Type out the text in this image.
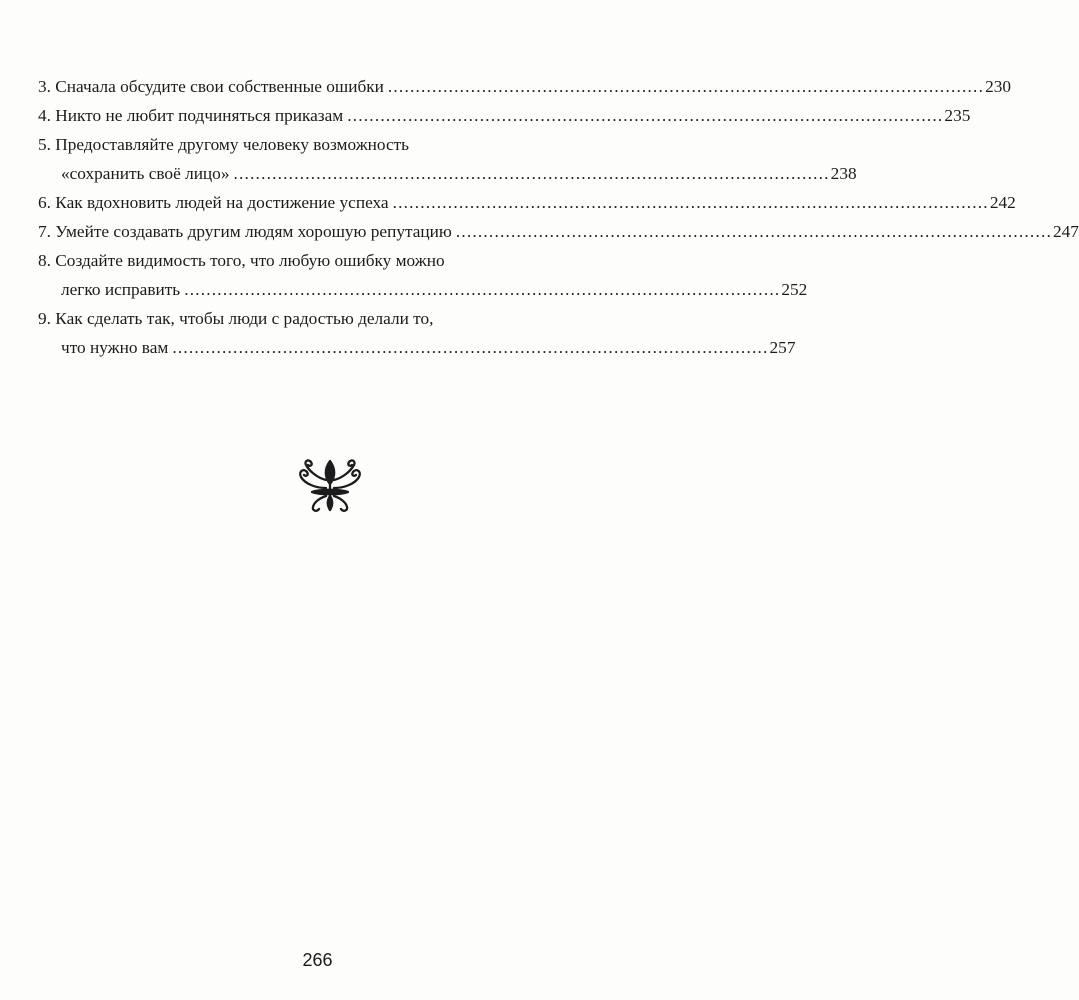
3. Сначала обсудите свои собственные ошибки ............................................................................................................ 230
4. Никто не любит подчиняться приказам ............................................................................................................ 235
5. Предоставляйте другому человеку возможность
«сохранить своё лицо» ............................................................................................................ 238
6. Как вдохновить людей на достижение успеха ............................................................................................................ 242
7. Умейте создавать другим людям хорошую репутацию ............................................................................................................ 247
8. Создайте видимость того, что любую ошибку можно
легко исправить ............................................................................................................ 252
9. Как сделать так, чтобы люди с радостью делали то,
что нужно вам ............................................................................................................ 257
266
